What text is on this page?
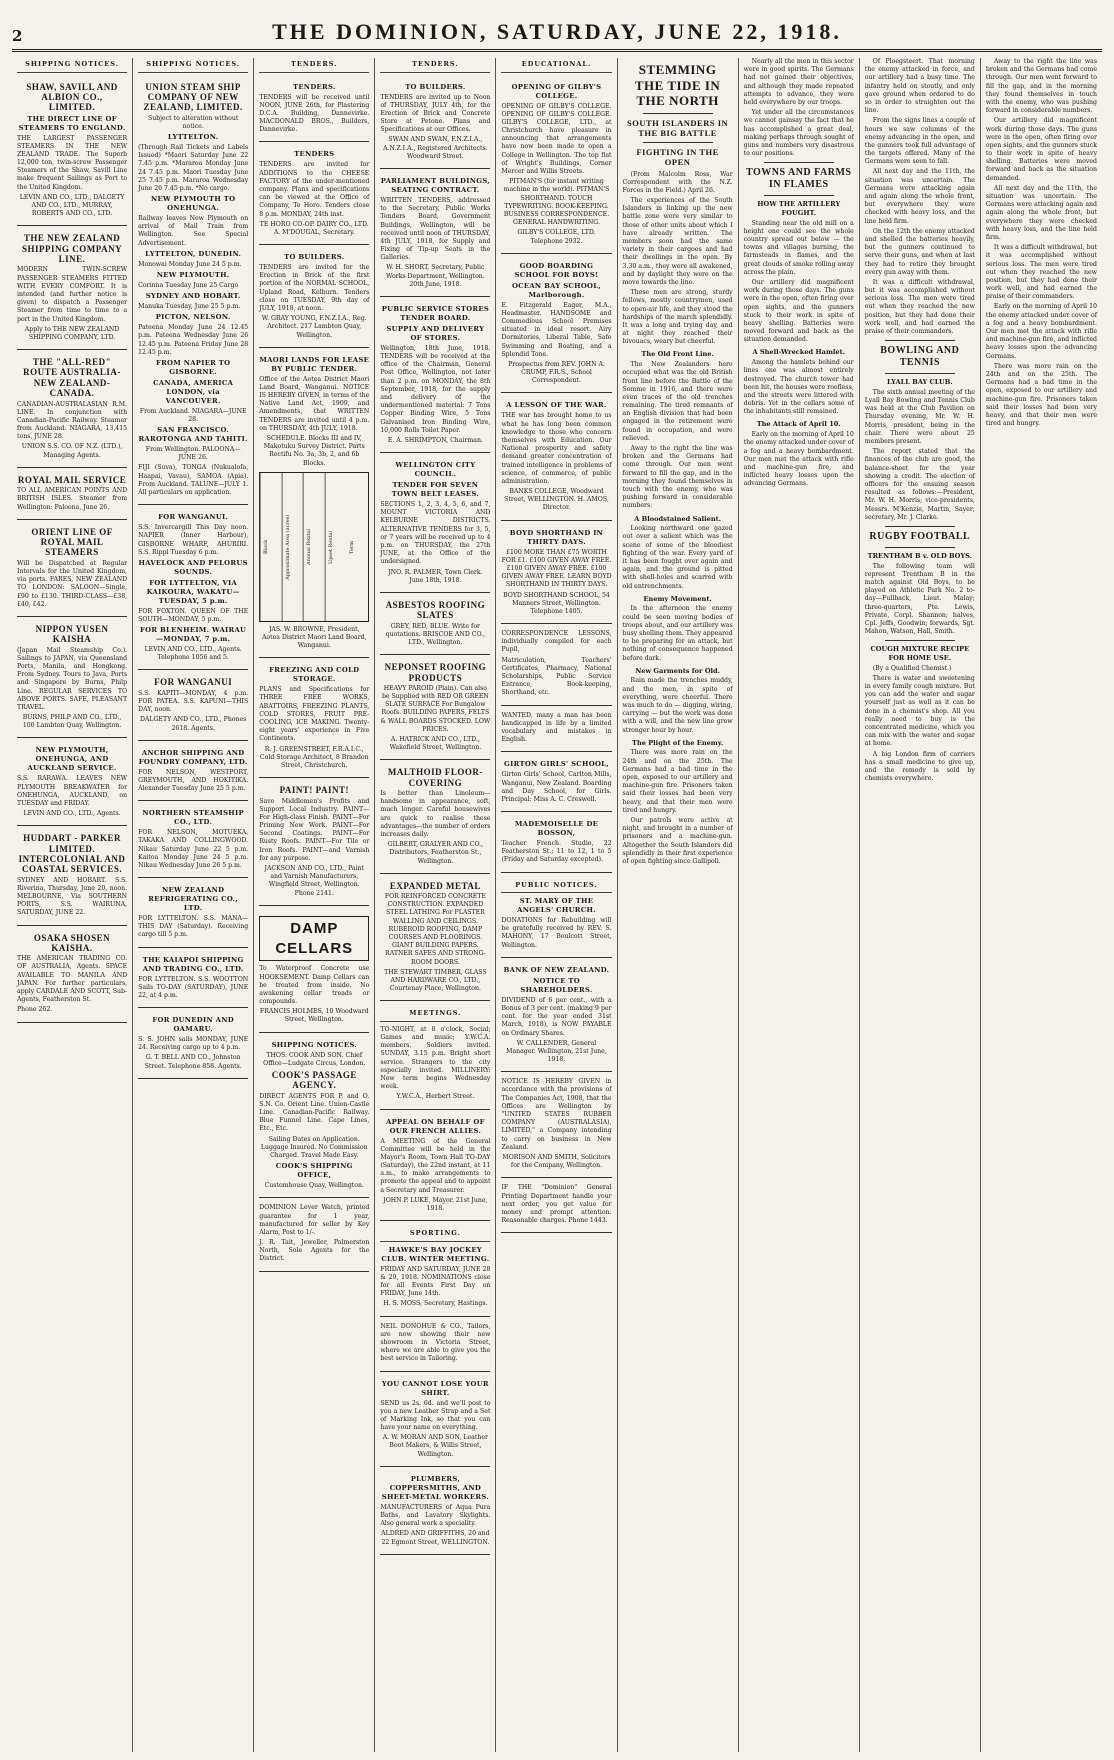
2	THE DOMINION, SATURDAY, JUNE 22, 1918.
SHIPPING NOTICES.
SHAW, SAVILL AND ALBION CO., LIMITED.
THE DIRECT LINE OF STEAMERS TO ENGLAND.

THE LARGEST PASSENGER STEAMERS IN THE NEW ZEALAND TRADE. The Superb 12,000 ton, twin-screw Passenger Steamers of the Shaw, Savill Line make frequent Sailings as Port to the United Kingdom.

LEVIN AND CO., LTD., DALGETY AND CO., LTD., MURRAY, ROBERTS AND CO., LTD.

THE NEW ZEALAND SHIPPING COMPANY LINE.

MODERN TWIN-SCREW PASSENGER STEAMERS FITTED WITH EVERY COMFORT. It is intended (and further notice is given) to dispatch a Passenger Steamer from time to time to a port in the United Kingdom.

Apply to THE NEW ZEALAND SHIPPING COMPANY, LTD.

THE "ALL-RED" ROUTE AUSTRALIA-NEW ZEALAND-CANADA.

CANADIAN-AUSTRALASIAN R.M. LINE. In conjunction with Canadian-Pacific Railway. Steamer from Auckland. NIAGARA, 13,415 tons, JUNE 28.

UNION S.S. CO. OF N.Z. (LTD.), Managing Agents.

ROYAL MAIL SERVICE

TO ALL AMERICAN POINTS AND BRITISH ISLES. Steamer from Wellington: Paloona, June 26.

ORIENT LINE OF ROYAL MAIL STEAMERS

Will be Dispatched at Regular Intervals for the United Kingdom, via ports. FARES, NEW ZEALAND TO LONDON: SALOON—Single, £90 to £130. THIRD-CLASS—£38, £40, £42.

NIPPON YUSEN KAISHA

(Japan Mail Steamship Co.). Sailings to JAPAN, via Queensland Ports, Manila, and Hongkong. From Sydney. Tours to Java, Ports and Singapore by Burns, Philp Line. REGULAR SERVICES TO ABOVE PORTS. SAFE, PLEASANT TRAVEL.

BURNS, PHILP AND CO., LTD., 100 Lambton Quay, Wellington.

NEW PLYMOUTH, ONEHUNGA, AND AUCKLAND SERVICE.

S.S. RARAWA. LEAVES NEW PLYMOUTH BREAKWATER for ONEHUNGA, AUCKLAND, on TUESDAY and FRIDAY.

LEVIN AND CO., LTD., Agents.

HUDDART - PARKER LIMITED. INTERCOLONIAL AND COASTAL SERVICES.

SYDNEY AND HOBART. S.S. Riverina, Thursday, June 20, noon. MELBOURNE, Via SOUTHERN PORTS, S.S. WAIRUNA, SATURDAY, JUNE 22.

OSAKA SHOSEN KAISHA.

THE AMERICAN TRADING CO. OF AUSTRALIA, Agents. SPACE AVAILABLE TO MANILA AND JAPAN. For further particulars, apply CARDALE AND SCOTT, Sub-Agents, Featherston St.

Phone 262.

SHIPPING NOTICES.
UNION STEAM SHIP COMPANY OF NEW ZEALAND, LIMITED.

Subject to alteration without notice.

LYTTELTON.

(Through Rail Tickets and Labels Issued) *Maori Saturday June 22 7.45 p.m. *Mararoa Monday June 24 7.45 p.m. Maori Tuesday June 25 7.45 p.m. Mararoa Wednesday June 26 7.45 p.m. *No cargo.

NEW PLYMOUTH TO ONEHUNGA.

Railway leaves New Plymouth on arrival of Mail Train from Wellington. See Special Advertisement.

LYTTELTON, DUNEDIN.

Monowai Monday June 24 5 p.m.

NEW PLYMOUTH.

Corinna Tuesday June 25 Cargo

SYDNEY AND HOBART.

Manuka Tuesday, June 25 5 p.m.

PICTON, NELSON.

Pateena Monday June 24 12.45 p.m. Pateena Wednesday June 26 12.45 p.m. Pateena Friday June 28 12.45 p.m.

FROM NAPIER TO GISBORNE.
CANADA, AMERICA LONDON, via VANCOUVER.

From Auckland. NIAGARA—JUNE 28.

SAN FRANCISCO. RAROTONGA AND TAHITI.

From Wellington. PALOONA—JUNE 26.

FIJI (Suva), TONGA (Nukualofa, Haapai, Vavau), SAMOA (Apia). From Auckland. TALUNE—JULY 1. All particulars on application.

FOR WANGANUI.

S.S. Invercargill This Day noon. NAPIER (Inner Harbour), GISBORNE WHARF, AHURIRI. S.S. Rippl Tuesday 6 p.m.

HAVELOCK AND PELORUS SOUNDS.
FOR LYTTELTON, VIA KAIKOURA, WAKATU—TUESDAY, 5 p.m.

FOR FOXTON. QUEEN OF THE SOUTH—MONDAY, 5 p.m.

FOR BLENHEIM. WAIRAU—MONDAY, 7 p.m.

LEVIN AND CO., LTD., Agents. Telephone 1056 and 5.

FOR WANGANUI

S.S. KAPITI—MONDAY, 4 p.m. FOR PATEA. S.S. KAPUNI—THIS DAY, noon.

DALGETY AND CO., LTD., Phones 2618. Agents.

ANCHOR SHIPPING AND FOUNDRY COMPANY, LTD.

FOR NELSON, WESTPORT, GREYMOUTH, AND HOKITIKA. Alexander Tuesday June 25 5 p.m.

NORTHERN STEAMSHIP CO., LTD.

FOR NELSON, MOTUEKA, TAKAKA AND COLLINGWOOD. Nikau Saturday June 22 5 p.m. Kaitoa Monday June 24 5 p.m. Nikau Wednesday June 26 5 p.m.

NEW ZEALAND REFRIGERATING CO., LTD.

FOR LYTTELTON. S.S. MANA—THIS DAY (Saturday). Receiving cargo till 5 p.m.

THE KAIAPOI SHIPPING AND TRADING CO., LTD.

FOR LYTTELTON. S.S. WOOTTON Sails TO-DAY (SATURDAY), JUNE 22, at 4 p.m.

FOR DUNEDIN AND OAMARU.

S. S. JOHN sails MONDAY, JUNE 24. Receiving cargo up to 4 p.m.

G. T. BELL AND CO., Johnston Street. Telephone 858. Agents.

TENDERS.
TENDERS.

TENDERS will be received until NOON, JUNE 26th, for Plastering D.C.A. Building, Dannevirke. MACDONALD BROS., Builders, Dannevirke.

TENDERS

TENDERS are invited for ADDITIONS to the CHEESE FACTORY of the under-mentioned company. Plans and specifications can be viewed at the Office of Company, Te Horo. Tenders close 8 p.m. MONDAY, 24th inst.

TE HORO CO-OP. DAIRY CO., LTD. A. M'DOUGAL, Secretary.

TO BUILDERS.

TENDERS are invited for the Erection in Brick of the first portion of the NORMAL SCHOOL, Upland Road, Kelburn. Tenders close on TUESDAY, 9th day of JULY, 1918, at noon.

W. GRAY YOUNG, F.N.Z.I.A., Reg. Architect. 217 Lambton Quay, Wellington.

MAORI LANDS FOR LEASE BY PUBLIC TENDER.

Office of the Aotea District Maori Land Board, Wanganui. NOTICE IS HEREBY GIVEN, in terms of the Native Land Act, 1909, and Amendments, that WRITTEN TENDERS are invited until 4 p.m. on THURSDAY, 4th JULY, 1918.

SCHEDULE. Blocks III and IV, Makotuku Survey District. Parts Rectifu No. 3a, 3b, 2, and 6b Blocks.

Block	Approximate Area (acres)	Annual Rental	Upset Rental	Term

JAS. W. BROWNE, President, Aotea District Maori Land Board, Wanganui.

FREEZING AND COLD STORAGE.

PLANS and Specifications for THREE FREE WORKS, ABATTOIRS, FREEZING PLANTS, COLD STORES, FRUIT PRE-COOLING, ICE MAKING. Twenty-eight years' experience in Five Continents.

R. J. GREENSTREET, F.R.A.I.C., Cold Storage Architect, 8 Brandon Street, Christchurch.

PAINT! PAINT!

Save Middlemen's Profits and Support Local Industry. PAINT—For High-class Finish. PAINT—For Priming New Work. PAINT—For Second Coatings. PAINT—For Rusty Roofs. PAINT—For Tile or Iron Roofs. PAINT—and Varnish for any purpose.

JACKSON AND CO., LTD., Paint and Varnish Manufacturers, Wingfield Street, Wellington. Phone 2141.

DAMP CELLARS

To Waterproof Concrete use HOOKSEMENT. Damp Cellars can be treated from inside. No awakening cellar treads or compounds.

FRANCIS HOLMES, 10 Woodward Street, Wellington.

SHIPPING NOTICES.

THOS. COOK AND SON. Chief Office—Ludgate Circus, London.

COOK'S PASSAGE AGENCY.

DIRECT AGENTS FOR P. and O. S.N. Co. Orient Line. Union-Castle Line. Canadian-Pacific Railway. Blue Funnel Line. Cape Lines, Etc., Etc.

Sailing Dates on Application. Luggage Insured. No Commission Charged. Travel Made Easy.

COOK'S SHIPPING OFFICE,

Customhouse Quay, Wellington.

DOMINION Lever Watch, printed guarantee for 1 year, manufactured for seller by Key Alarm, Post to 1/-.

J. R. Tait, Jeweller, Palmerston North, Sole Agents for the District.

TENDERS.
TO BUILDERS.

TENDERS are invited up to Noon of THURSDAY, JULY 4th, for the Erection of Brick and Concrete Store at Petone. Plans and Specifications at our Offices.

SWAN AND SWAN, F.N.Z.I.A., A.N.Z.I.A., Registered Architects. Woodward Street.

PARLIAMENT BUILDINGS, SEATING CONTRACT.

WRITTEN TENDERS, addressed to the Secretary, Public Works Tenders Board, Government Buildings, Wellington, will be received until noon of THURSDAY, 4th JULY, 1918, for Supply and Fixing of Tip-up Seats in the Galleries.

W. H. SHORT, Secretary, Public Works Department, Wellington. 20th June, 1918.

PUBLIC SERVICE STORES TENDER BOARD.
SUPPLY AND DELIVERY OF STORES.

Wellington, 18th June, 1918. TENDERS will be received at the office of the Chairman, General Post Office, Wellington, not later than 2 p.m. on MONDAY, the 8th September, 1918, for the supply and delivery of the undermentioned material: 7 Tons Copper Binding Wire, 5 Tons Galvanised Iron Binding Wire, 10,000 Rolls Toilet Paper.

E. A. SHRIMPTON, Chairman.

WELLINGTON CITY COUNCIL.
TENDER FOR SEVEN TOWN BELT LEASES.

SECTIONS 1, 2, 3, 4, 5, 6, and 7, MOUNT VICTORIA AND KELBURNE DISTRICTS. ALTERNATIVE TENDERS for 3, 5, or 7 years will be received up to 4 p.m. on THURSDAY, the 27th JUNE, at the Office of the undersigned.

JNO. R. PALMER, Town Clerk. June 18th, 1918.

ASBESTOS ROOFING SLATES

GREY, RED, BLUE. Write for quotations. BRISCOE AND CO., LTD., Wellington.

NEPONSET ROOFING PRODUCTS

HEAVY PAROID (Plain). Can also be Supplied with RED OR GREEN SLATE SURFACE For Bungalow Roofs. BUILDING PAPERS, FELTS & WALL BOARDS STOCKED. LOW PRICES.

A. HATRICK AND CO., LTD., Wakefield Street, Wellington.

MALTHOID FLOOR-COVERING

Is better than Linoleum—handsome in appearance, soft, much longer. Careful housewives are quick to realise these advantages—the number of orders increases daily.

GILBERT, GRALYER AND CO., Distributors, Featherston St., Wellington.

EXPANDED METAL

FOR REINFORCED CONCRETE CONSTRUCTION. EXPANDED STEEL LATHING For PLASTER WALLING AND CEILINGS. RUBEROID ROOFING, DAMP COURSES AND FLOORINGS. GIANT BUILDING PAPERS. RATNER SAFES AND STRONG-ROOM DOORS.

THE STEWART TIMBER, GLASS AND HARDWARE CO., LTD., Courtenay Place, Wellington.

MEETINGS.

TO-NIGHT, at 8 o'clock, Social; Games and music; Y.W.C.A. members. Soldiers invited. SUNDAY, 3.15 p.m. Bright short service. Strangers to the city especially invited. MILLINERY: New term begins Wednesday week.

Y.W.C.A., Herbert Street.

APPEAL ON BEHALF OF OUR FRENCH ALLIES.

A MEETING of the General Committee will be held in the Mayor's Room, Town Hall TO-DAY (Saturday), the 22nd instant, at 11 a.m., to make arrangements to promote the appeal and to appoint a Secretary and Treasurer.

JOHN P. LUKE, Mayor. 21st June, 1918.

SPORTING.
HAWKE'S BAY JOCKEY CLUB. WINTER MEETING.

FRIDAY AND SATURDAY, JUNE 28 & 29, 1918. NOMINATIONS close for all Events First Day on FRIDAY, June 14th.

H. S. MOSS, Secretary, Hastings.

NEIL DONOHUE & CO., Tailors, are now showing their new showroom in Victoria Street, where we are able to give you the best service in Tailoring.

YOU CANNOT LOSE YOUR SHIRT.

SEND us 2s. 6d. and we'll post to you a new Leather Strap and a Set of Marking Ink, so that you can have your name on everything.

A. W. MORAN AND SON, Leather Boot Makers, & Willis Street, Wellington.

PLUMBERS, COPPERSMITHS, AND SHEET-METAL WORKERS.

MANUFACTURERS of Aqua Pura Baths, and Lavatory Skylights. Also general work a speciality.

ALDRED AND GRIFFITHS, 20 and 22 Egmont Street, WELLINGTON.

EDUCATIONAL.
OPENING OF GILBY'S COLLEGE.

OPENING OF GILBY'S COLLEGE. OPENING OF GILBY'S COLLEGE. GILBY'S COLLEGE, LTD., at Christchurch have pleasure in announcing that arrangements have now been made to open a College in Wellington. The top flat of Wright's Buildings, Corner Mercer and Willis Streets.

PITMAN'S (for instant writing machine in the world). PITMAN'S SHORTHAND. TOUCH TYPEWRITING. BOOK-KEEPING. BUSINESS CORRESPONDENCE. GENERAL HANDWRITING.

GILBY'S COLLEGE, LTD. Telephone 2932.

GOOD BOARDING SCHOOL FOR BOYS!
OCEAN BAY SCHOOL, Marlborough.

E. Fitzgerald Eager, M.A., Headmaster. HANDSOME and Commodious School Premises situated in ideal resort. Airy Dormitories, Liberal Table, Safe Swimming and Boating, and a Splendid Tone.

Prospectus from REV. JOHN A. CRUMP, F.R.S., School Correspondent.

A LESSON OF THE WAR.

THE war has brought home to us what he has long been common knowledge to those who concern themselves with Education. Our National prosperity and safety demand greater concentration of trained intelligence in problems of science, of commerce, of public administration.

BANKS COLLEGE, Woodward Street, WELLINGTON. H. AMOS, Director.

BOYD SHORTHAND IN THIRTY DAYS.

£100 MORE THAN £75 WORTH FOR £1. £100 GIVEN AWAY FREE. £100 GIVEN AWAY FREE. £100 GIVEN AWAY FREE. LEARN BOYD SHORTHAND IN THIRTY DAYS.

BOYD SHORTHAND SCHOOL, 54 Manners Street, Wellington. Telephone 1405.

CORRESPONDENCE LESSONS, individually compiled for each Pupil,

Matriculation, Teachers' Certificates, Pharmacy, National Scholarships, Public Service Entrance, Book-keeping, Shorthand, etc.

WANTED, many a man has been handicapped in life by a limited vocabulary and mistakes in English.

GIRTON GIRLS' SCHOOL,

Girton Girls' School, Carlton Mills, Wanganui, New Zealand. Boarding and Day School, for Girls. Principal: Miss A. C. Creswell.

MADEMOISELLE DE BOSSON,

Teacher French. Studio, 22 Featherston St.; 11 to 12, 1 to 5 (Friday and Saturday excepted).

PUBLIC NOTICES.
ST. MARY OF THE ANGELS' CHURCH.

DONATIONS for Rebuilding will be gratefully received by REV. S. MAHONY, 17 Boulcott Street, Wellington.

BANK OF NEW ZEALAND.
NOTICE TO SHAREHOLDERS.

DIVIDEND of 6 per cent., with a Bonus of 3 per cent. (making 9 per cent. for the year ended 31st March, 1918), is NOW PAYABLE on Ordinary Shares.

W. CALLENDER, General Manager. Wellington, 21st June, 1918.

NOTICE IS HEREBY GIVEN in accordance with the provisions of The Companies Act, 1908, that the Offices are Wellington by "UNITED STATES RUBBER COMPANY (AUSTRALASIA), LIMITED," a Company intending to carry on business in New Zealand.

MORISON AND SMITH, Solicitors for the Company, Wellington.

IF THE "Dominion" General Printing Department handle your next order, you get value for money and prompt attention. Reasonable charges. Phone 1443.

STEMMING THE TIDE IN THE NORTH
SOUTH ISLANDERS IN THE BIG BATTLE
FIGHTING IN THE OPEN

(From Malcolm Ross, War Correspondent with the N.Z. Forces in the Field.) April 26.

The experiences of the South Islanders in linking up the new battle zone were very similar to those of other units about which I have already written. The members soon had the same variety in their cargoes and had their dwellings in the open. By 3.30 a.m., they were all awakened, and by daylight they were on the move towards the line.

These men are strong, sturdy fellows, mostly countrymen, used to open-air life, and they stood the hardships of the march splendidly. It was a long and trying day, and at night they reached their bivouacs, weary but cheerful.

The Old Front Line.

The New Zealanders here occupied what was the old British front line before the Battle of the Somme in 1916, and there were even traces of the old trenches remaining. The tired remnants of an English division that had been engaged in the retirement were found in occupation, and were relieved.

Away to the right the line was broken and the Germans had come through. Our men went forward to fill the gap, and in the morning they found themselves in touch with the enemy, who was pushing forward in considerable numbers.

A Bloodstained Salient.

Looking northward one gazed out over a salient which was the scene of some of the bloodiest fighting of the war. Every yard of it has been fought over again and again, and the ground is pitted with shell-holes and scarred with old entrenchments.

Enemy Movement.

In the afternoon the enemy could be seen moving bodies of troops about, and our artillery was busy shelling them. They appeared to be preparing for an attack, but nothing of consequence happened before dark.

New Garments for Old.

Rain made the trenches muddy, and the men, in spite of everything, were cheerful. There was much to do — digging, wiring, carrying — but the work was done with a will, and the new line grew stronger hour by hour.

The Plight of the Enemy.

There was more rain on the 24th and on the 25th. The Germans had a bad time in the open, exposed to our artillery and machine-gun fire. Prisoners taken said their losses had been very heavy, and that their men were tired and hungry.

Our patrols were active at night, and brought in a number of prisoners and a machine-gun. Altogether the South Islanders did splendidly in their first experience of open fighting since Gallipoli.

Nearly all the men in this sector were in good spirits. The Germans had not gained their objectives, and although they made repeated attempts to advance, they were held everywhere by our troops.

Yet under all the circumstances we cannot gainsay the fact that he has accomplished a great deal, making perhaps through sought of guns and numbers very disastrous to our positions.

TOWNS AND FARMS IN FLAMES
HOW THE ARTILLERY FOUGHT.

Standing near the old mill on a height one could see the whole country spread out below — the towns and villages burning, the farmsteads in flames, and the great clouds of smoke rolling away across the plain.

Our artillery did magnificent work during those days. The guns were in the open, often firing over open sights, and the gunners stuck to their work in spite of heavy shelling. Batteries were moved forward and back as the situation demanded.

A Shell-Wrecked Hamlet.

Among the hamlets behind our lines one was almost entirely destroyed. The church tower had been hit, the houses were roofless, and the streets were littered with debris. Yet in the cellars some of the inhabitants still remained.

The Attack of April 10.

Early on the morning of April 10 the enemy attacked under cover of a fog and a heavy bombardment. Our men met the attack with rifle and machine-gun fire, and inflicted heavy losses upon the advancing Germans.

Of Ploegsteert. That morning the enemy attacked in force, and our artillery had a busy time. The infantry held on stoutly, and only gave ground when ordered to do so in order to straighten out the line.

From the signs lines a couple of hours we saw columns of the enemy advancing in the open, and the gunners took full advantage of the targets offered. Many of the Germans were seen to fall.

All next day and the 11th, the situation was uncertain. The Germans were attacking again and again along the whole front, but everywhere they were checked with heavy loss, and the line held firm.

On the 12th the enemy attacked and shelled the batteries heavily, but the gunners continued to serve their guns, and when at last they had to retire they brought every gun away with them.

It was a difficult withdrawal, but it was accomplished without serious loss. The men were tired out when they reached the new position, but they had done their work well, and had earned the praise of their commanders.

BOWLING AND TENNIS
LYALL BAY CLUB.

The sixth annual meeting of the Lyall Bay Bowling and Tennis Club was held at the Club Pavilion on Thursday evening, Mr. W. H. Morris, president, being in the chair. There were about 25 members present.

The report stated that the finances of the club are good, the balance-sheet for the year showing a credit. The election of officers for the ensuing season resulted as follows:—President, Mr. W. H. Morris; vice-presidents, Messrs. M'Kenzie, Martin, Sayer; secretary, Mr. J. Clarke.

RUGBY FOOTBALL
TRENTHAM B v. OLD BOYS.

The following team will represent Trentham B in the match against Old Boys, to be played on Athletic Park No. 2 to-day—Fullback, Lieut. Malay; three-quarters, Pte. Lewis, Private, Corpl. Shannon; halves, Cpl. Jeffs, Goodwin; forwards, Sgt. Mahon, Watson, Hall, Smith.

COUGH MIXTURE RECIPE FOR HOME USE.

(By a Qualified Chemist.)

There is water and sweetening in every family cough mixture. But you can add the water and sugar yourself just as well as it can be done in a chemist's shop. All you really need to buy is the concentrated medicine, which you can mix with the water and sugar at home.

A big London firm of carriers has a small medicine to give up, and the remedy is sold by chemists everywhere.

Away to the right the line was broken and the Germans had come through. Our men went forward to fill the gap, and in the morning they found themselves in touch with the enemy, who was pushing forward in considerable numbers.

Our artillery did magnificent work during those days. The guns were in the open, often firing over open sights, and the gunners stuck to their work in spite of heavy shelling. Batteries were moved forward and back as the situation demanded.

All next day and the 11th, the situation was uncertain. The Germans were attacking again and again along the whole front, but everywhere they were checked with heavy loss, and the line held firm.

It was a difficult withdrawal, but it was accomplished without serious loss. The men were tired out when they reached the new position, but they had done their work well, and had earned the praise of their commanders.

Early on the morning of April 10 the enemy attacked under cover of a fog and a heavy bombardment. Our men met the attack with rifle and machine-gun fire, and inflicted heavy losses upon the advancing Germans.

There was more rain on the 24th and on the 25th. The Germans had a bad time in the open, exposed to our artillery and machine-gun fire. Prisoners taken said their losses had been very heavy, and that their men were tired and hungry.
